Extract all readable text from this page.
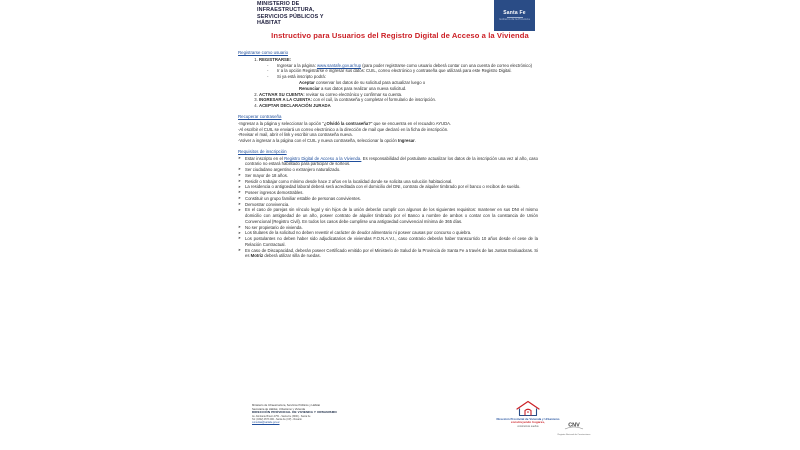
MINISTERIO DE
INFRAESTRUCTURA,
SERVICIOS PÚBLICOS Y
HÁBITAT
Santa Fe
Gobierno de la Provincia
Instructivo para Usuarios del Registro Digital de Acceso a la Vivienda
Registrarse como usuario
1. REGISTRARSE:
- Ingresar a la página: www.santafe.gov.ar/rup (para poder registrarse como usuario deberá contar con una cuenta de correo electrónico)
- Ir a la opción Registrarse e ingresar sus datos: CUIL, correo electrónico y contraseña que utilizará para este Registro Digital.
- Si ya está inscripto podrá:
Aceptar conservar los datos de su solicitud para actualizar luego o
Renunciar a sus datos para realizar una nueva solicitud.
2. ACTIVAR SU CUENTA: revisar su correo electrónico y confirmar su cuenta.
3. INGRESAR A LA CUENTA: con el cuil, la contraseña y completar el formulario de inscripción.
4. ACEPTAR DECLARACIÓN JURADA
Recuperar contraseña
-Ingresar a la página y seleccionar la opción "¿Olvidó la contraseña?" que se encuentra en el recuadro AYUDA.
-Al escribir el CUIL se enviará un correo electrónico a la dirección de mail que declaró en la ficha de inscripción.
-Revisar el mail, abrir el link y escribir una contraseña nueva.
-Volver a ingresar a la página con el CUIL y nueva contraseña, seleccionar la opción Ingresar.
Requisitos de inscripción
➤ Estar inscripto en el Registro Digital de Acceso a la Vivienda. Es responsabilidad del postulante actualizar los datos de la inscripción una vez al año, caso contrario no estará habilitado para participar de sorteos.
➤ Ser ciudadano argentino o extranjero naturalizado.
➤ Ser mayor de 18 años.
➤ Residir o trabajar como mínimo desde hace 2 años en la localidad donde se solicita una solución habitacional.
➤ La residencia o antigüedad laboral deberá será acreditada con el domicilio del DNI, contrato de alquiler timbrado por el banco o recibos de sueldo.
➤ Poseer ingresos demostrables.
➤ Constituir un grupo familiar estable de personas convivientes.
➤ Demostrar convivencia.
➤ En el caso de parejas sin vínculo legal y sin hijos de la unión deberán cumplir con algunos de los siguientes requisitos: mantener en sus DNI el mismo domicilio con antigüedad de un año, poseer contrato de alquiler timbrado por el Banco a nombre de ambos o contar con la constancia de Unión Convencional (Registro Civil). En todos los casos debe cumplirse una antigüedad convivencial mínima de 365 días.
➤ No ser propietario de vivienda.
➤ Los titulares de la solicitud no deben revestir el carácter de deudor alimentario ni poseer causas por concurso o quiebra.
➤ Los postulantes no deben haber sido adjudicatarios de viviendas F.O.N.A.V.I., caso contrario deberán haber transcurrido 10 años desde el cese de la Relación Contractual.
➤ En caso de Discapacidad, deberán poseer Certificado emitido por el Ministerio de Salud de la Provincia de Santa Fe a través de las Juntas Evaluadoras. Si es Motriz deberá utilizar silla de ruedas.
Ministerio de Infraestructura, Servicios Públicos y Hábitat
Secretaría de Hábitat, Urbanismo y Vivienda
DIRECCIÓN PROVINCIAL DE VIVIENDA Y URBANISMO
Av. Almirante Brown 4751 - Santa Fe (3000) - Santa Fe
Tel: (0342) 4573 000 - Santa Fe (CP) - Rosario
consultas@santafe.gov.ar
Dirección Provincial de Vivienda y Urbanismo
construyendo hogares,
construimos sueños	CNV
Registro Nacional de Constructores
